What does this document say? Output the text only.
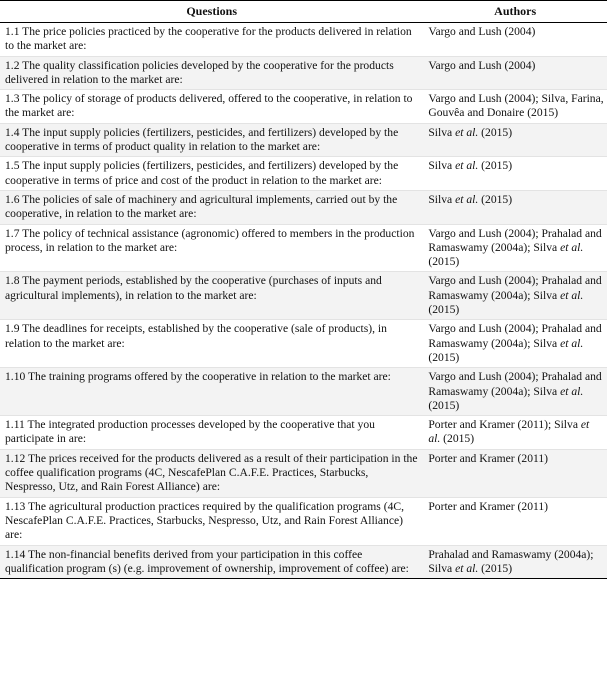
Questions	Authors
1.1 The price policies practiced by the cooperative for the products delivered in relation to the market are:	Vargo and Lush (2004)
1.2 The quality classification policies developed by the cooperative for the products delivered in relation to the market are:	Vargo and Lush (2004)
1.3 The policy of storage of products delivered, offered to the cooperative, in relation to the market are:	Vargo and Lush (2004); Silva, Farina, Gouvêa and Donaire (2015)
1.4 The input supply policies (fertilizers, pesticides, and fertilizers) developed by the cooperative in terms of product quality in relation to the market are:	Silva et al. (2015)
1.5 The input supply policies (fertilizers, pesticides, and fertilizers) developed by the cooperative in terms of price and cost of the product in relation to the market are:	Silva et al. (2015)
1.6 The policies of sale of machinery and agricultural implements, carried out by the cooperative, in relation to the market are:	Silva et al. (2015)
1.7 The policy of technical assistance (agronomic) offered to members in the production process, in relation to the market are:	Vargo and Lush (2004); Prahalad and Ramaswamy (2004a); Silva et al. (2015)
1.8 The payment periods, established by the cooperative (purchases of inputs and agricultural implements), in relation to the market are:	Vargo and Lush (2004); Prahalad and Ramaswamy (2004a); Silva et al. (2015)
1.9 The deadlines for receipts, established by the cooperative (sale of products), in relation to the market are:	Vargo and Lush (2004); Prahalad and Ramaswamy (2004a); Silva et al. (2015)
1.10 The training programs offered by the cooperative in relation to the market are:	Vargo and Lush (2004); Prahalad and Ramaswamy (2004a); Silva et al. (2015)
1.11 The integrated production processes developed by the cooperative that you participate in are:	Porter and Kramer (2011); Silva et al. (2015)
1.12 The prices received for the products delivered as a result of their participation in the coffee qualification programs (4C, NescafePlan C.A.F.E. Practices, Starbucks, Nespresso, Utz, and Rain Forest Alliance) are:	Porter and Kramer (2011)
1.13 The agricultural production practices required by the qualification programs (4C, NescafePlan C.A.F.E. Practices, Starbucks, Nespresso, Utz, and Rain Forest Alliance) are:	Porter and Kramer (2011)
1.14 The non-financial benefits derived from your participation in this coffee qualification program (s) (e.g. improvement of ownership, improvement of coffee) are:	Prahalad and Ramaswamy (2004a); Silva et al. (2015)
